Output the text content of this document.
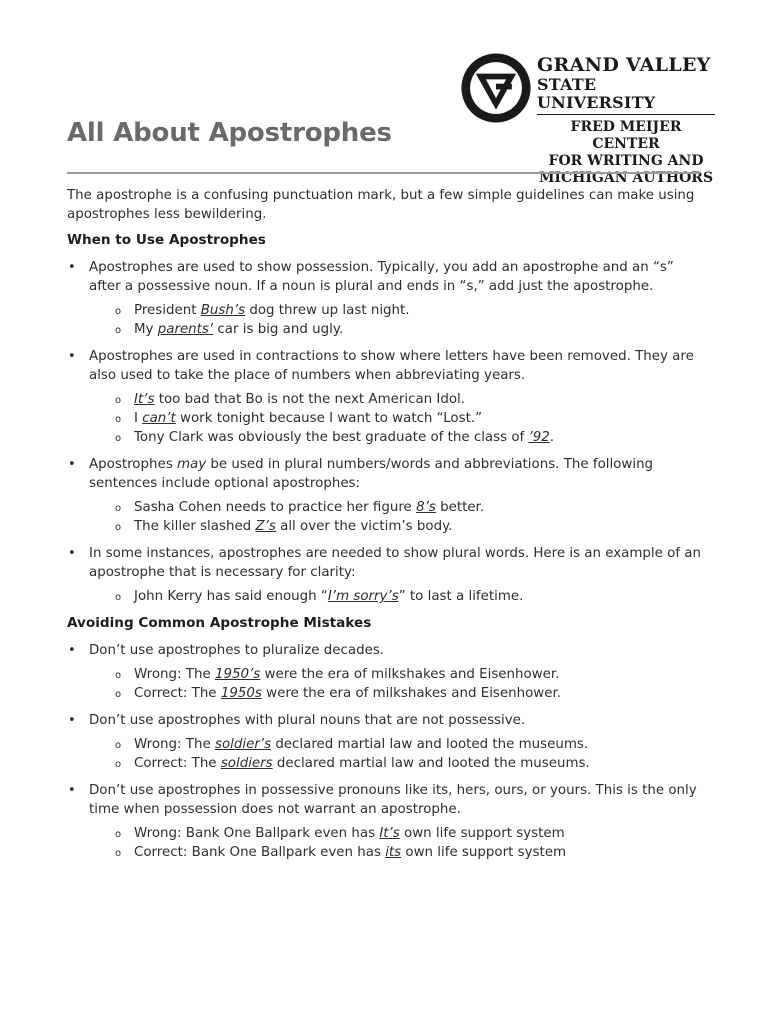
All About Apostrophes
GRAND VALLEY
STATE UNIVERSITY
FRED MEIJER CENTER
FOR WRITING AND
MICHIGAN AUTHORS

The apostrophe is a confusing punctuation mark, but a few simple guidelines can make using apostrophes less bewildering.

When to Use Apostrophes

• Apostrophes are used to show possession. Typically, you add an apostrophe and an “s” after a possessive noun. If a noun is plural and ends in “s,” add just the apostrophe.
o President Bush’s dog threw up last night.
o My parents’ car is big and ugly.
• Apostrophes are used in contractions to show where letters have been removed. They are also used to take the place of numbers when abbreviating years.
o It’s too bad that Bo is not the next American Idol.
o I can’t work tonight because I want to watch “Lost.”
o Tony Clark was obviously the best graduate of the class of ’92.
• Apostrophes may be used in plural numbers/words and abbreviations. The following sentences include optional apostrophes:
o Sasha Cohen needs to practice her figure 8’s better.
o The killer slashed Z’s all over the victim’s body.
• In some instances, apostrophes are needed to show plural words. Here is an example of an apostrophe that is necessary for clarity:
o John Kerry has said enough “I’m sorry’s” to last a lifetime.

Avoiding Common Apostrophe Mistakes

• Don’t use apostrophes to pluralize decades.
o Wrong: The 1950’s were the era of milkshakes and Eisenhower.
o Correct: The 1950s were the era of milkshakes and Eisenhower.
• Don’t use apostrophes with plural nouns that are not possessive.
o Wrong: The soldier’s declared martial law and looted the museums.
o Correct: The soldiers declared martial law and looted the museums.
• Don’t use apostrophes in possessive pronouns like its, hers, ours, or yours. This is the only time when possession does not warrant an apostrophe.
o Wrong: Bank One Ballpark even has It’s own life support system
o Correct: Bank One Ballpark even has its own life support system
